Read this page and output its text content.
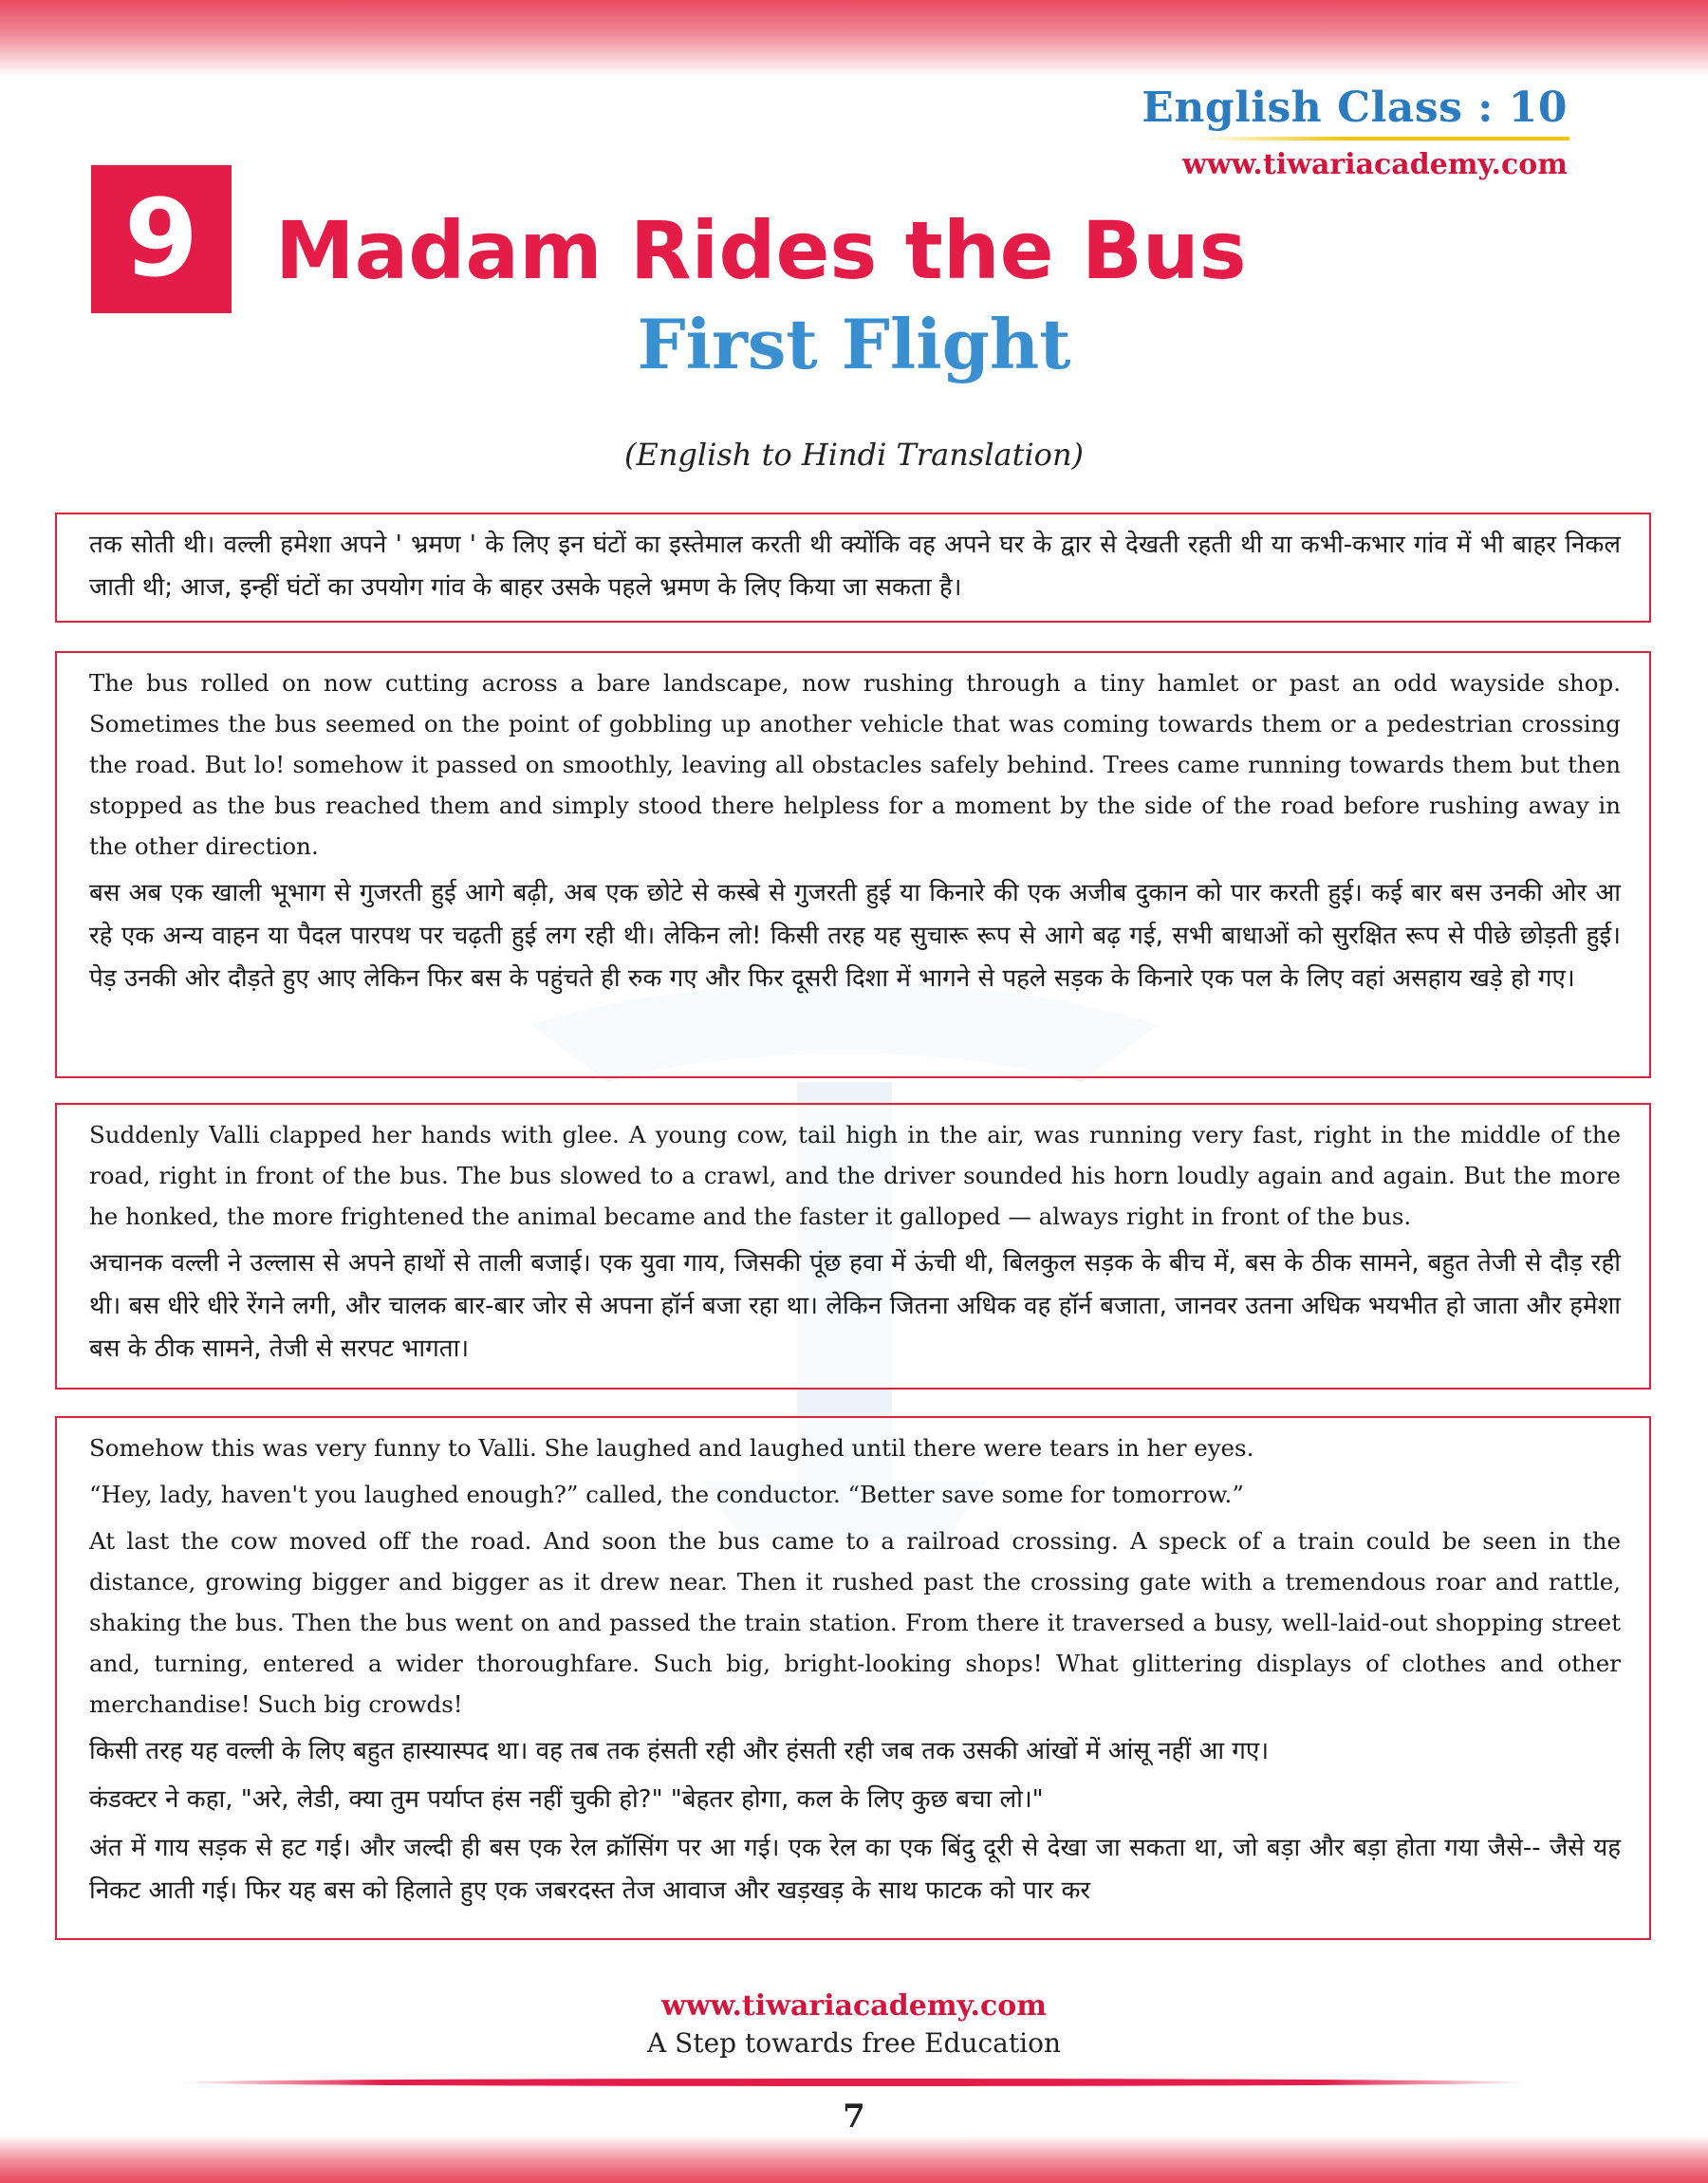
English Class : 10
www.tiwariacademy.com
9 Madam Rides the Bus
First Flight
(English to Hindi Translation)

तक सोती थी। वल्ली हमेशा अपने ' भ्रमण ' के लिए इन घंटों का इस्तेमाल करती थी क्योंकि वह अपने घर के द्वार से देखती रहती थी या कभी-कभार गांव में भी बाहर निकल जाती थी; आज, इन्हीं घंटों का उपयोग गांव के बाहर उसके पहले भ्रमण के लिए किया जा सकता है।

The bus rolled on now cutting across a bare landscape, now rushing through a tiny hamlet or past an odd wayside shop. Sometimes the bus seemed on the point of gobbling up another vehicle that was coming towards them or a pedestrian crossing the road. But lo! somehow it passed on smoothly, leaving all obstacles safely behind. Trees came running towards them but then stopped as the bus reached them and simply stood there helpless for a moment by the side of the road before rushing away in the other direction.

बस अब एक खाली भूभाग से गुजरती हुई आगे बढ़ी, अब एक छोटे से कस्बे से गुजरती हुई या किनारे की एक अजीब दुकान को पार करती हुई। कई बार बस उनकी ओर आ रहे एक अन्य वाहन या पैदल पारपथ पर चढ़ती हुई लग रही थी। लेकिन लो! किसी तरह यह सुचारू रूप से आगे बढ़ गई, सभी बाधाओं को सुरक्षित रूप से पीछे छोड़ती हुई। पेड़ उनकी ओर दौड़ते हुए आए लेकिन फिर बस के पहुंचते ही रुक गए और फिर दूसरी दिशा में भागने से पहले सड़क के किनारे एक पल के लिए वहां असहाय खड़े हो गए।

Suddenly Valli clapped her hands with glee. A young cow, tail high in the air, was running very fast, right in the middle of the road, right in front of the bus. The bus slowed to a crawl, and the driver sounded his horn loudly again and again. But the more he honked, the more frightened the animal became and the faster it galloped — always right in front of the bus.

अचानक वल्ली ने उल्लास से अपने हाथों से ताली बजाई। एक युवा गाय, जिसकी पूंछ हवा में ऊंची थी, बिलकुल सड़क के बीच में, बस के ठीक सामने, बहुत तेजी से दौड़ रही थी। बस धीरे धीरे रेंगने लगी, और चालक बार-बार जोर से अपना हॉर्न बजा रहा था। लेकिन जितना अधिक वह हॉर्न बजाता, जानवर उतना अधिक भयभीत हो जाता और हमेशा बस के ठीक सामने, तेजी से सरपट भागता।

Somehow this was very funny to Valli. She laughed and laughed until there were tears in her eyes.

“Hey, lady, haven't you laughed enough?” called, the conductor. “Better save some for tomorrow.”

At last the cow moved off the road. And soon the bus came to a railroad crossing. A speck of a train could be seen in the distance, growing bigger and bigger as it drew near. Then it rushed past the crossing gate with a tremendous roar and rattle, shaking the bus. Then the bus went on and passed the train station. From there it traversed a busy, well-laid-out shopping street and, turning, entered a wider thoroughfare. Such big, bright-looking shops! What glittering displays of clothes and other merchandise! Such big crowds!

किसी तरह यह वल्ली के लिए बहुत हास्यास्पद था। वह तब तक हंसती रही और हंसती रही जब तक उसकी आंखों में आंसू नहीं आ गए।

कंडक्टर ने कहा, "अरे, लेडी, क्या तुम पर्याप्त हंस नहीं चुकी हो?" "बेहतर होगा, कल के लिए कुछ बचा लो।"

अंत में गाय सड़क से हट गई। और जल्दी ही बस एक रेल क्रॉसिंग पर आ गई। एक रेल का एक बिंदु दूरी से देखा जा सकता था, जो बड़ा और बड़ा होता गया जैसे-- जैसे यह निकट आती गई। फिर यह बस को हिलाते हुए एक जबरदस्त तेज आवाज और खड़खड़ के साथ फाटक को पार कर

www.tiwariacademy.com
A Step towards free Education
7
